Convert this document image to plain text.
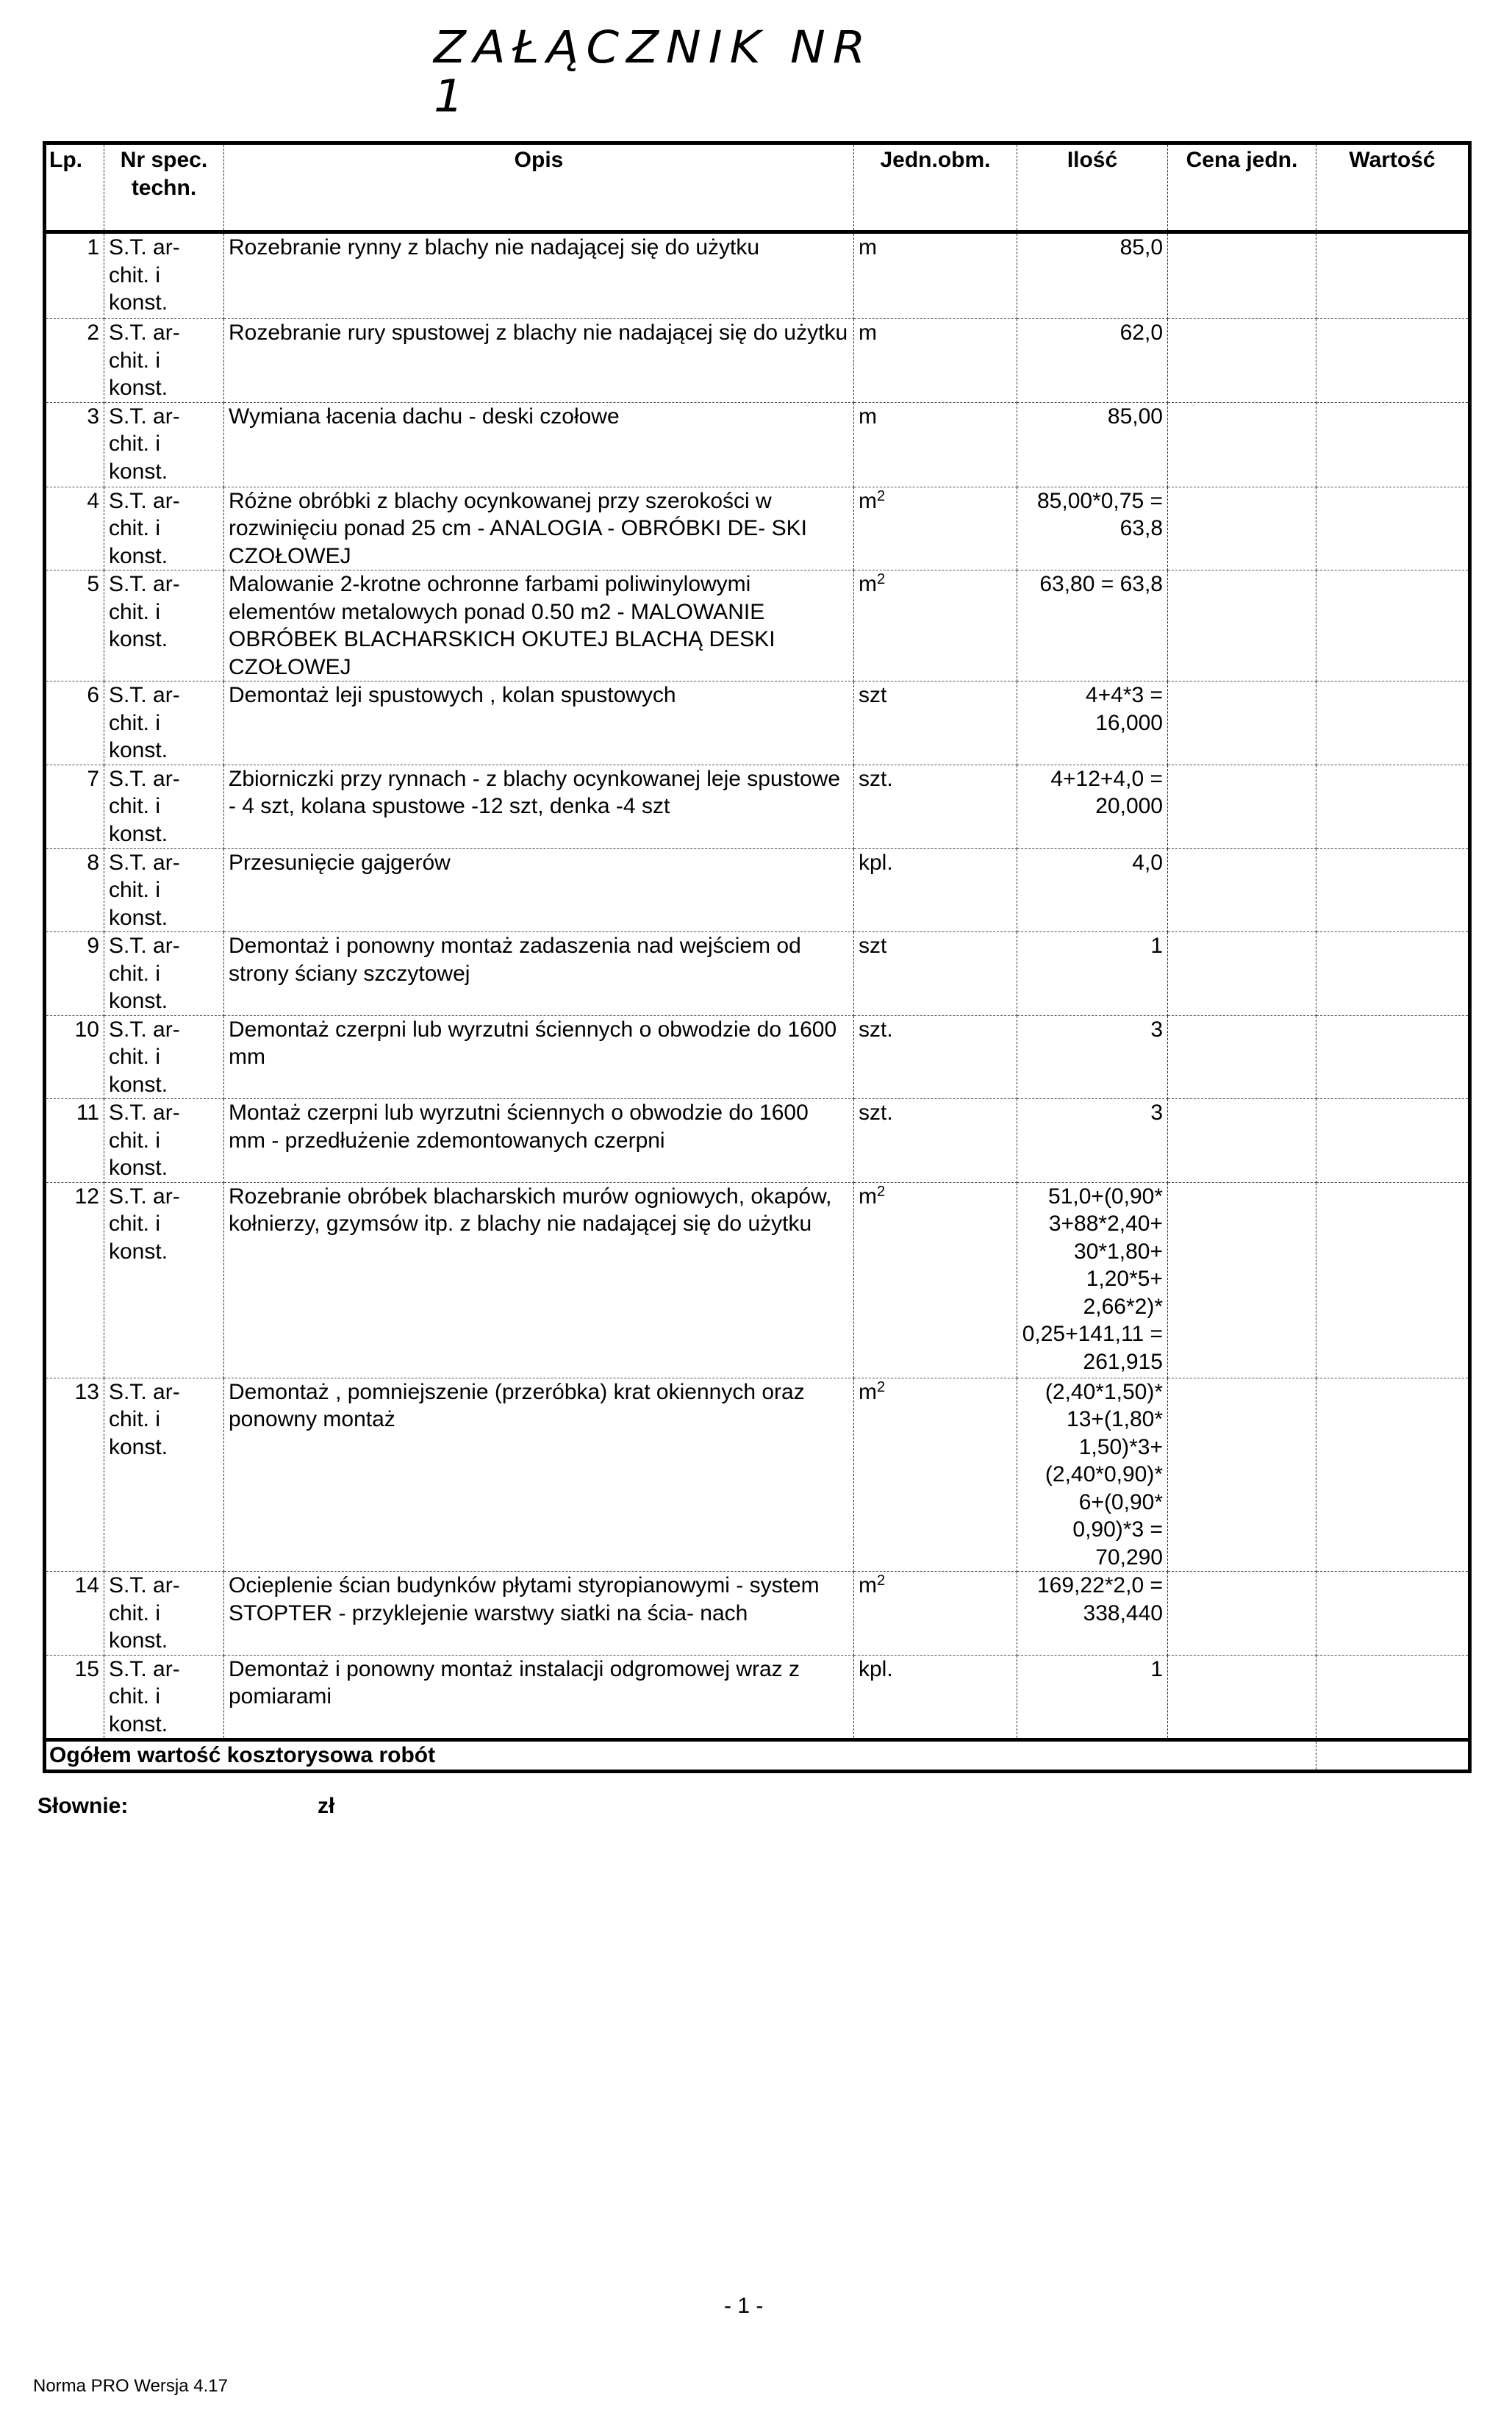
ZAŁĄCZNIK NR 1
Lp.	Nr spec. techn.	Opis	Jedn.obm.	Ilość	Cena jedn.	Wartość
1	S.T. ar- chit. i konst.	Rozebranie rynny z blachy nie nadającej się do użytku	m	85,0		
2	S.T. ar- chit. i konst.	Rozebranie rury spustowej z blachy nie nadającej się do użytku	m	62,0		
3	S.T. ar- chit. i konst.	Wymiana łacenia dachu - deski czołowe	m	85,00		
4	S.T. ar- chit. i konst.	Różne obróbki z blachy ocynkowanej przy szerokości w rozwinięciu ponad 25 cm - ANALOGIA - OBRÓBKI DE- SKI CZOŁOWEJ	$m^2$	85,00*0,75 = 63,8		
5	S.T. ar- chit. i konst.	Malowanie 2-krotne ochronne farbami poliwinylowymi elementów metalowych ponad 0.50 m2 - MALOWANIE OBRÓBEK BLACHARSKICH OKUTEJ BLACHĄ DESKI CZOŁOWEJ	$m^2$	63,80 = 63,8		
6	S.T. ar- chit. i konst.	Demontaż leji spustowych , kolan spustowych	szt	4+4*3 = 16,000		
7	S.T. ar- chit. i konst.	Zbiorniczki przy rynnach - z blachy ocynkowanej leje spustowe - 4 szt, kolana spustowe -12 szt, denka -4 szt	szt.	4+12+4,0 = 20,000		
8	S.T. ar- chit. i konst.	Przesunięcie gajgerów	kpl.	4,0		
9	S.T. ar- chit. i konst.	Demontaż i ponowny montaż zadaszenia nad wejściem od strony ściany szczytowej	szt	1		
10	S.T. ar- chit. i konst.	Demontaż czerpni lub wyrzutni ściennych o obwodzie do 1600 mm	szt.	3		
11	S.T. ar- chit. i konst.	Montaż czerpni lub wyrzutni ściennych o obwodzie do 1600 mm - przedłużenie zdemontowanych czerpni	szt.	3		
12	S.T. ar- chit. i konst.	Rozebranie obróbek blacharskich murów ogniowych, okapów, kołnierzy, gzymsów itp. z blachy nie nadającej się do użytku	$m^2$	51,0+(0,90* 3+88*2,40+ 30*1,80+ 1,20*5+ 2,66*2)* 0,25+141,11 = 261,915		
13	S.T. ar- chit. i konst.	Demontaż , pomniejszenie (przeróbka) krat okiennych oraz ponowny montaż	$m^2$	(2,40*1,50)* 13+(1,80* 1,50)*3+ (2,40*0,90)* 6+(0,90* 0,90)*3 = 70,290		
14	S.T. ar- chit. i konst.	Ocieplenie ścian budynków płytami styropianowymi - system STOPTER - przyklejenie warstwy siatki na ścia- nach	$m^2$	169,22*2,0 = 338,440		
15	S.T. ar- chit. i konst.	Demontaż i ponowny montaż instalacji odgromowej wraz z pomiarami	kpl.	1		
Ogółem wartość kosztorysowa robót						
Słownie:	zł
- 1 -
Norma PRO Wersja 4.17
